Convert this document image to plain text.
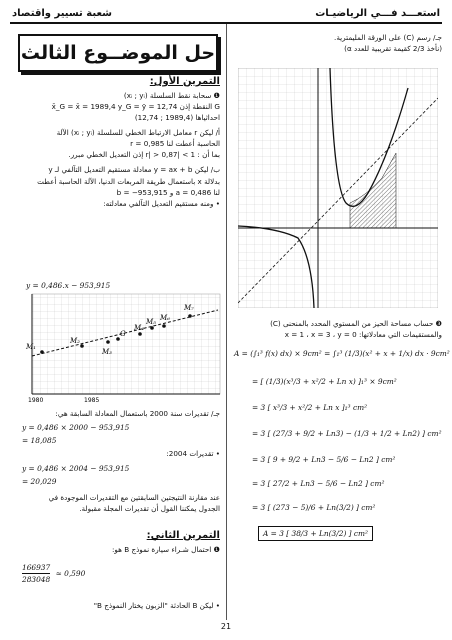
شعبة تسيير واقتصاد	استعـــد فـــي الرياضيـات
حل الموضــوع الثالث

التمرين الأول:

❶ سحابة نقط السلسلة (xᵢ ; yᵢ)

G النقطة إذن x̄_G = x̄ = 1989,4 y_G = ȳ = 12,74

احداثياها (1989,4 ; 12,74)

أ/ ليكن r معامل الارتباط الخطي للسلسلة (xᵢ ; yᵢ) الآلة

الحاسبة أعطت لنا r = 0,985

بما أن : 1 > |r| > 0,87 إذن التعديل الخطي مبرر.

ب/ ليكن y = ax + b معادلة مستقيم التعديل التآلفي لـ y

بدلالة x باستعمال طريقة المربعات الدنيا، الآلة الحاسبة أعطت

لنا a = 0,486 و b = −953,915

• ومنه مستقيم التعديل التآلفي معادلته:

M₁
M₂
M₃
M₄
M₅ M₆
M₇
G
1980	1985
y = 0,486.x − 953,915

جـ/ تقديرات سنة 2000 باستعمال المعادلة السابقة هي:

y = 0,486 × 2000 − 953,915
= 18,085

• تقديرات 2004:

y = 0,486 × 2004 − 953,915
= 20,029

عند مقارنة النتيجتين السابقتين مع التقديرات الموجودة في

الجدول يمكننا القول أن تقديرات المجلة مقبولة.

التمرين الثاني:

❶ احتمال شـراء سيارة نموذج B هو:

$\frac{166937}{283048} \approx 0,590$

• ليكن B الحادثة "الزبون يختار النموذج B"

جـ/ رسم (C) على الورقة المليمترية.

(نأخذ 2/3 كقيمة تقريبية للعدد α)

❸ حساب مساحة الحيز من المستوي المحدد بالمنحنى (C)

والمستقيمات التي معادلاتها: x = 1 ، x = 3 ، y = 0

A = (∫₁³ f(x) dx) × 9cm² = ∫₁³ (1/3)(x² + x + 1/x) dx · 9cm²
= [ (1/3)(x³/3 + x²/2 + Ln x) ]₁³ × 9cm²
= 3 [ x³/3 + x²/2 + Ln x ]₁³ cm²
= 3 [ (27/3 + 9/2 + Ln3) − (1/3 + 1/2 + Ln2) ] cm²
= 3 [ 9 + 9/2 + Ln3 − 5/6 − Ln2 ] cm²
= 3 [ 27/2 + Ln3 − 5/6 − Ln2 ] cm²
= 3 [ (273 − 5)/6 + Ln(3/2) ] cm²
A = 3 [ 38/3 + Ln(3/2) ] cm²
21
